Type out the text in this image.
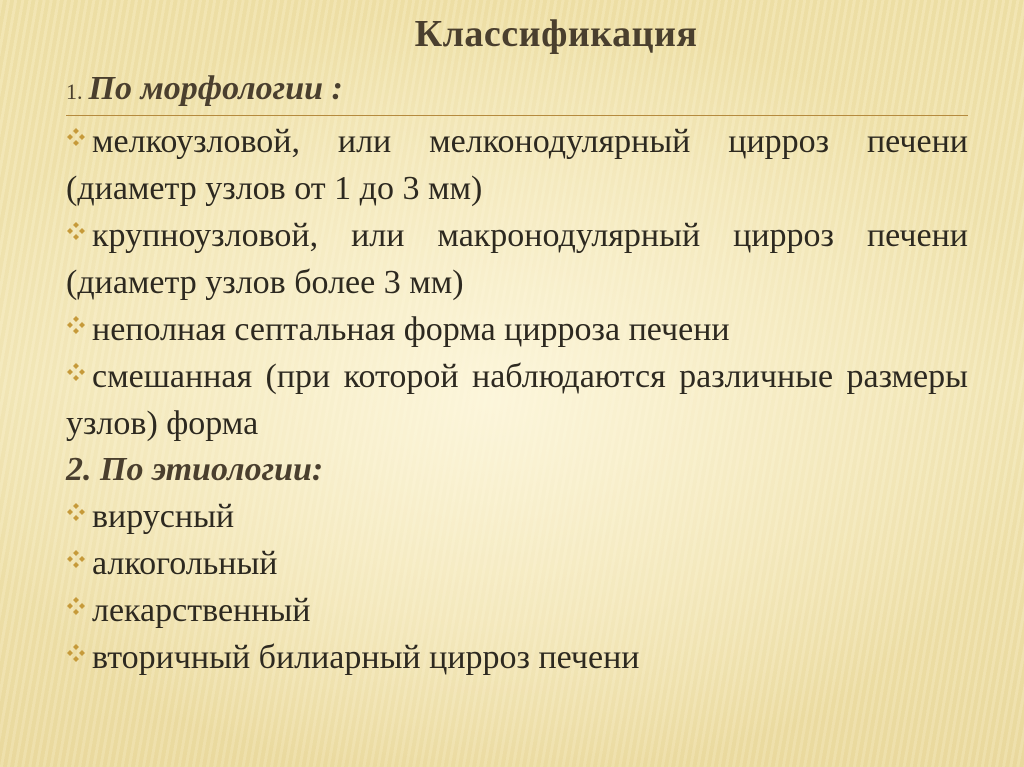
Классификация
1. По морфологии :

мелкоузловой, или мелконодулярный цирроз печени (диаметр узлов от 1 до 3 мм)

крупноузловой, или макронодулярный цирроз печени (диаметр узлов более 3 мм)

неполная септальная форма цирроза печени

смешанная (при которой наблюдаются различные размеры узлов) форма

2. По этиологии:

вирусный

алкогольный

лекарственный

вторичный билиарный цирроз печени
